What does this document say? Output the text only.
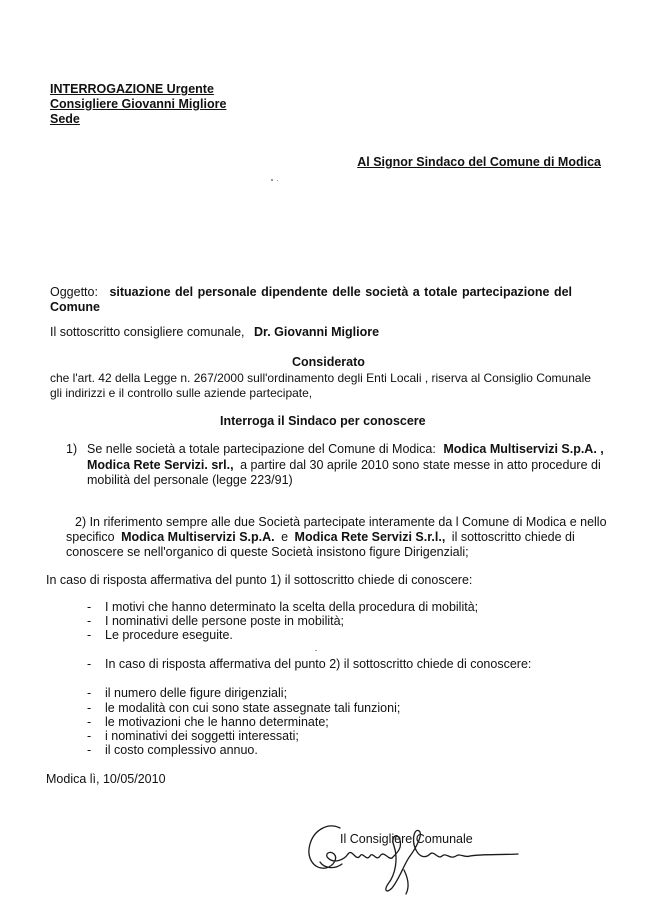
INTERROGAZIONE Urgente
Consigliere Giovanni Migliore
Sede
Al Signor Sindaco del Comune di Modica
Oggetto: situazione del personale dipendente delle società a totale partecipazione del
Comune
Il sottoscritto consigliere comunale, Dr. Giovanni Migliore
Considerato
che l'art. 42 della Legge n. 267/2000 sull'ordinamento degli Enti Locali , riserva al Consiglio Comunale
gli indirizzi e il controllo sulle aziende partecipate,
Interroga il Sindaco per conoscere
1) Se nelle società a totale partecipazione del Comune di Modica: Modica Multiservizi S.p.A. ,
Modica Rete Servizi. srl., a partire dal 30 aprile 2010 sono state messe in atto procedure di
mobilità del personale (legge 223/91)
2) In riferimento sempre alle due Società partecipate interamente da l Comune di Modica e nello
specifico Modica Multiservizi S.p.A. e Modica Rete Servizi S.r.l., il sottoscritto chiede di
conoscere se nell'organico di queste Società insistono figure Dirigenziali;
In caso di risposta affermativa del punto 1) il sottoscritto chiede di conoscere:
- I motivi che hanno determinato la scelta della procedura di mobilità;
- I nominativi delle persone poste in mobilità;
- Le procedure eseguite.
- In caso di risposta affermativa del punto 2) il sottoscritto chiede di conoscere:
- il numero delle figure dirigenziali;
- le modalità con cui sono state assegnate tali funzioni;
- le motivazioni che le hanno determinate;
- i nominativi dei soggetti interessati;
- il costo complessivo annuo.
Modica lì, 10/05/2010
Il Consigliere Comunale
